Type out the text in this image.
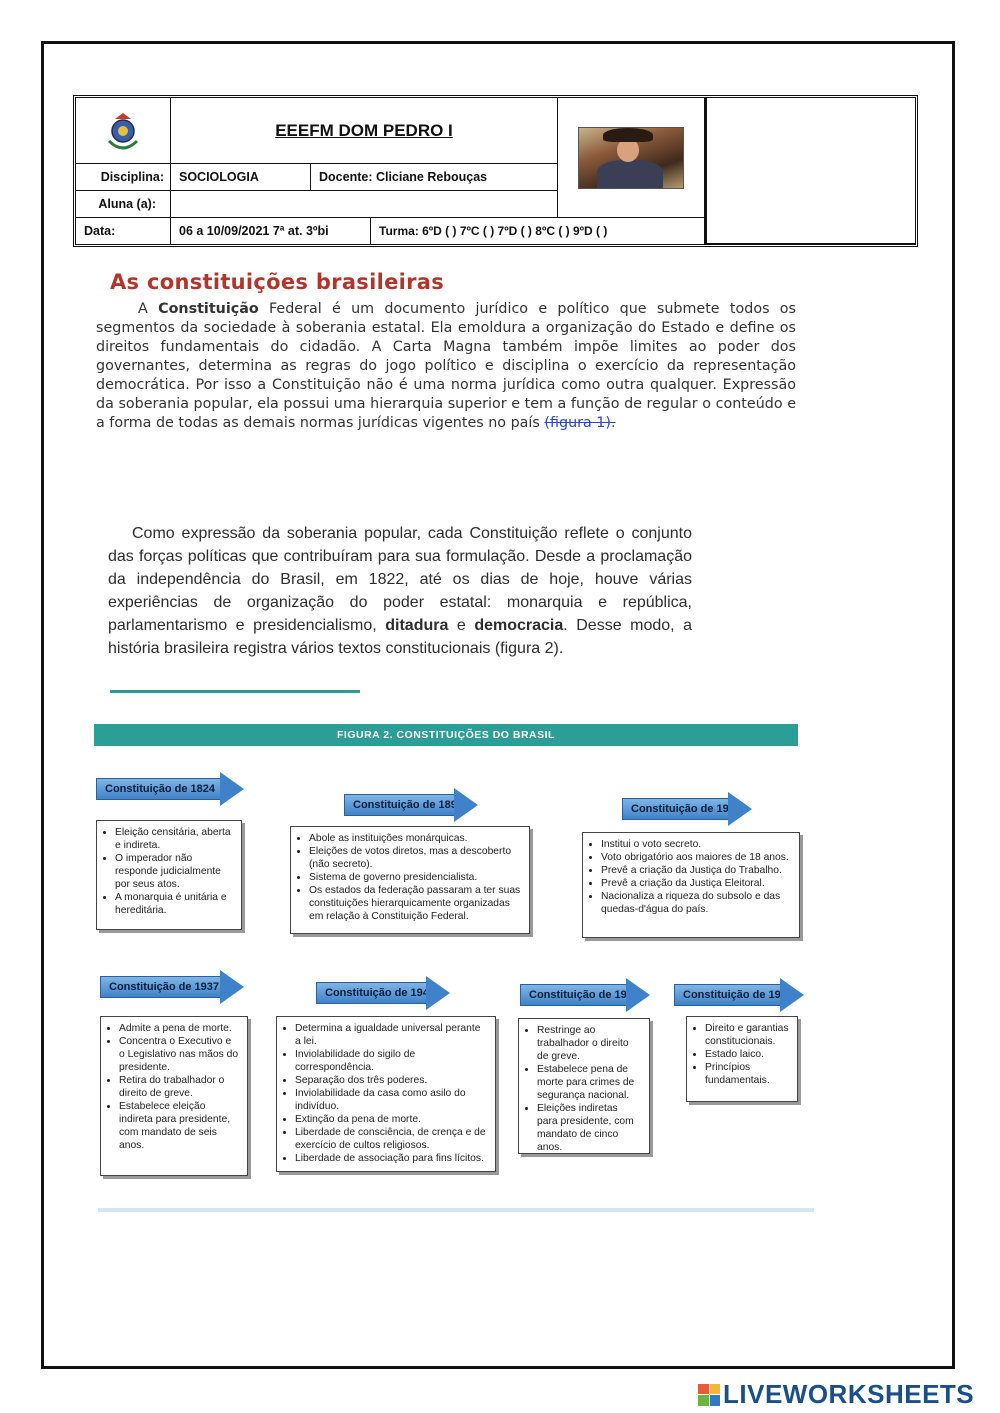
EEEFM DOM PEDRO I
Disciplina:	SOCIOLOGIA	Docente: Cliciane Rebouças
Aluna (a):
Data:	06 a 10/09/2021 7ª at. 3ºbi	Turma: 6ºD ( ) 7ºC ( ) 7ºD ( ) 8ºC ( ) 9ºD ( )
As constituições brasileiras

A Constituição Federal é um documento jurídico e político que submete todos os segmentos da sociedade à soberania estatal. Ela emoldura a organização do Estado e define os direitos fundamentais do cidadão. A Carta Magna também impõe limites ao poder dos governantes, determina as regras do jogo político e disciplina o exercício da representação democrática. Por isso a Constituição não é uma norma jurídica como outra qualquer. Expressão da soberania popular, ela possui uma hierarquia superior e tem a função de regular o conteúdo e a forma de todas as demais normas jurídicas vigentes no país (figura 1).

Como expressão da soberania popular, cada Constituição reflete o conjunto das forças políticas que contribuíram para sua formulação. Desde a proclamação da independência do Brasil, em 1822, até os dias de hoje, houve várias experiências de organização do poder estatal: monarquia e república, parlamentarismo e presidencialismo, ditadura e democracia. Desse modo, a história brasileira registra vários textos constitucionais (figura 2).

FIGURA 2. CONSTITUIÇÕES DO BRASIL
Constituição de 1824
• Eleição censitária, aberta e indireta.
• O imperador não responde judicialmente por seus atos.
• A monarquia é unitária e hereditária.
Constituição de 1891
• Abole as instituições monárquicas.
• Eleições de votos diretos, mas a descoberto (não secreto).
• Sistema de governo presidencialista.
• Os estados da federação passaram a ter suas constituições hierarquicamente organizadas em relação à Constituição Federal.
Constituição de 1934
• Institui o voto secreto.
• Voto obrigatório aos maiores de 18 anos.
• Prevê a criação da Justiça do Trabalho.
• Prevê a criação da Justiça Eleitoral.
• Nacionaliza a riqueza do subsolo e das quedas-d'água do país.
Constituição de 1937
• Admite a pena de morte.
• Concentra o Executivo e o Legislativo nas mãos do presidente.
• Retira do trabalhador o direito de greve.
• Estabelece eleição indireta para presidente, com mandato de seis anos.
Constituição de 1946
• Determina a igualdade universal perante a lei.
• Inviolabilidade do sigilo de correspondência.
• Separação dos três poderes.
• Inviolabilidade da casa como asilo do indivíduo.
• Extinção da pena de morte.
• Liberdade de consciência, de crença e de exercício de cultos religiosos.
• Liberdade de associação para fins lícitos.
Constituição de 1967
• Restringe ao trabalhador o direito de greve.
• Estabelece pena de morte para crimes de segurança nacional.
• Eleições indiretas para presidente, com mandato de cinco anos.
Constituição de 1988
• Direito e garantias constitucionais.
• Estado laico.
• Princípios fundamentais.
LIVEWORKSHEETS
